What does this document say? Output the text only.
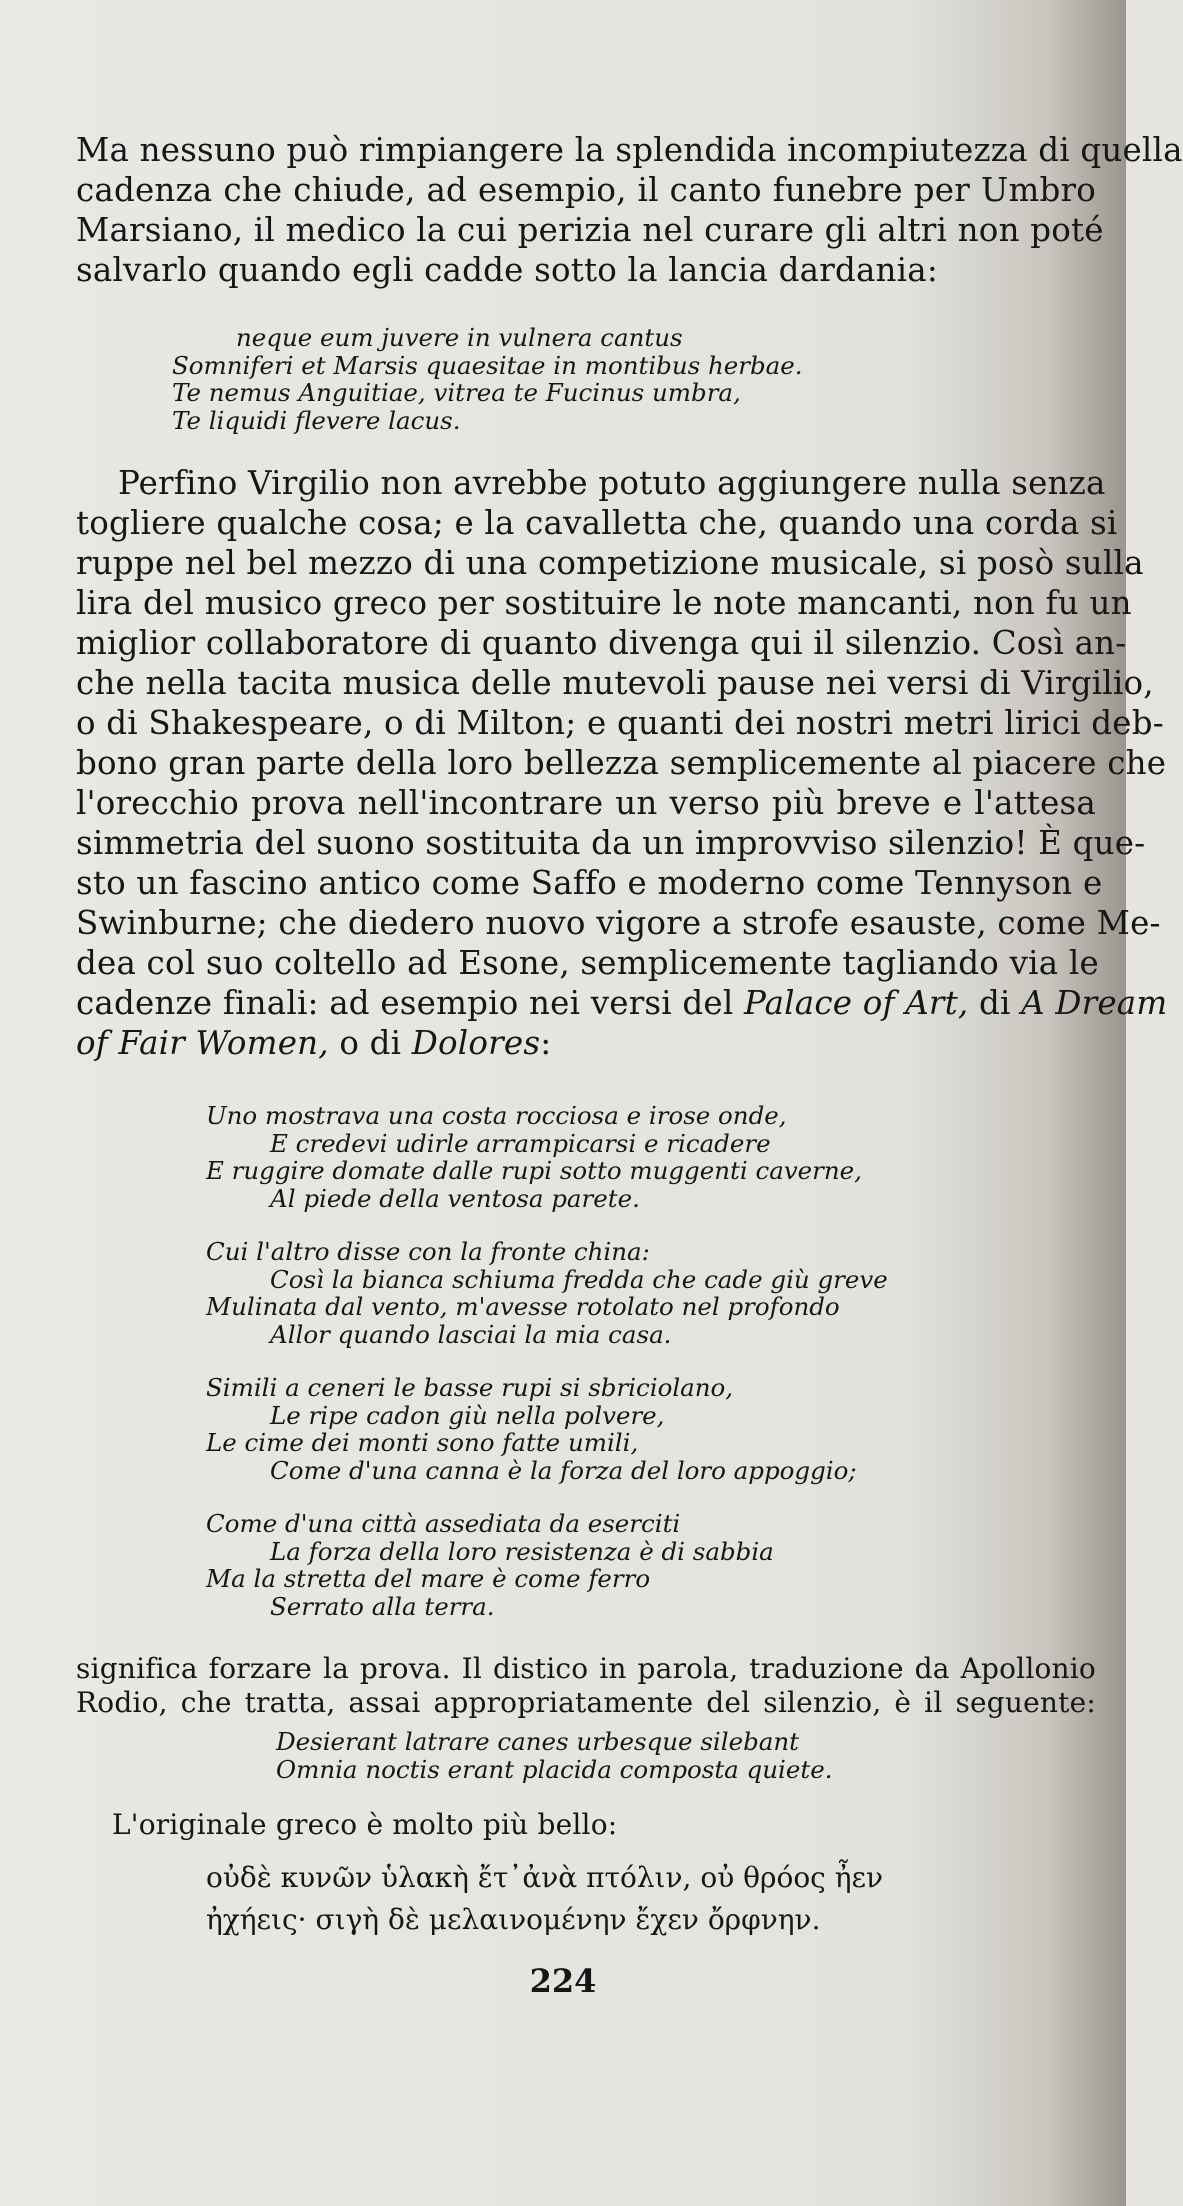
Ma nessuno può rimpiangere la splendida incompiutezza di quella
cadenza che chiude, ad esempio, il canto funebre per Umbro
Marsiano, il medico la cui perizia nel curare gli altri non poté
salvarlo quando egli cadde sotto la lancia dardania:
neque eum juvere in vulnera cantus
Somniferi et Marsis quaesitae in montibus herbae.
Te nemus Anguitiae, vitrea te Fucinus umbra,
Te liquidi flevere lacus.
Perfino Virgilio non avrebbe potuto aggiungere nulla senza
togliere qualche cosa; e la cavalletta che, quando una corda si
ruppe nel bel mezzo di una competizione musicale, si posò sulla
lira del musico greco per sostituire le note mancanti, non fu un
miglior collaboratore di quanto divenga qui il silenzio. Così an-
che nella tacita musica delle mutevoli pause nei versi di Virgilio,
o di Shakespeare, o di Milton; e quanti dei nostri metri lirici deb-
bono gran parte della loro bellezza semplicemente al piacere che
l'orecchio prova nell'incontrare un verso più breve e l'attesa
simmetria del suono sostituita da un improvviso silenzio! È que-
sto un fascino antico come Saffo e moderno come Tennyson e
Swinburne; che diedero nuovo vigore a strofe esauste, come Me-
dea col suo coltello ad Esone, semplicemente tagliando via le
cadenze finali: ad esempio nei versi del Palace of Art, di A Dream
of Fair Women, o di Dolores:
Uno mostrava una costa rocciosa e irose onde,
E credevi udirle arrampicarsi e ricadere
E ruggire domate dalle rupi sotto muggenti caverne,
Al piede della ventosa parete.
Cui l'altro disse con la fronte china:
Così la bianca schiuma fredda che cade giù greve
Mulinata dal vento, m'avesse rotolato nel profondo
Allor quando lasciai la mia casa.
Simili a ceneri le basse rupi si sbriciolano,
Le ripe cadon giù nella polvere,
Le cime dei monti sono fatte umili,
Come d'una canna è la forza del loro appoggio;
Come d'una città assediata da eserciti
La forza della loro resistenza è di sabbia
Ma la stretta del mare è come ferro
Serrato alla terra.
significa forzare la prova. Il distico in parola, traduzione da Apollonio
Rodio, che tratta, assai appropriatamente del silenzio, è il seguente:
Desierant latrare canes urbesque silebant
Omnia noctis erant placida composta quiete.
L'originale greco è molto più bello:
οὐδὲ κυνῶν ὑλακὴ ἔτ᾽ἀνὰ πτόλιν, οὐ θρόος ἦεν
ἠχήεις· σιγὴ δὲ μελαινομένην ἔχεν ὄρφνην.
224
